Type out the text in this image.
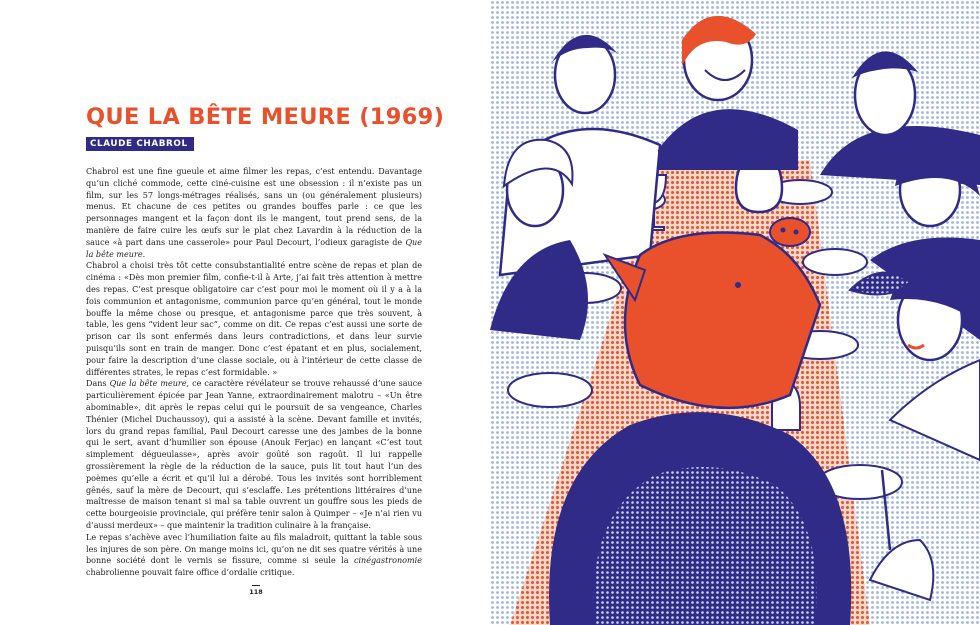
QUE LA BÊTE MEURE (1969)
CLAUDE CHABROL

Chabrol est une fine gueule et aime filmer les repas, c’est entendu. Davantage qu’un cliché commode, cette ciné-cuisine est une obsession : il n’existe pas un film, sur les 57 longs-métrages réalisés, sans un (ou généralement plusieurs) menus. Et chacune de ces petites ou grandes bouffes parle : ce que les personnages mangent et la façon dont ils le mangent, tout prend sens, de la manière de faire cuire les œufs sur le plat chez Lavardin à la réduction de la sauce «à part dans une casserole» pour Paul Decourt, l’odieux garagiste de Que la bête meure.

Chabrol a choisi très tôt cette consubstantialité entre scène de repas et plan de cinéma : «Dès mon premier film, confie-t-il à Arte, j’ai fait très attention à mettre des repas. C’est presque obligatoire car c’est pour moi le moment où il y a à la fois communion et antagonisme, communion parce qu’en général, tout le monde bouffe la même chose ou presque, et antagonisme parce que très souvent, à table, les gens “vident leur sac”, comme on dit. Ce repas c’est aussi une sorte de prison car ils sont enfermés dans leurs contradictions, et dans leur survie puisqu’ils sont en train de manger. Donc c’est épatant et en plus, socialement, pour faire la description d’une classe sociale, ou à l’intérieur de cette classe de différentes strates, le repas c’est formidable. »

Dans Que la bête meure, ce caractère révélateur se trouve rehaussé d’une sauce particulièrement épicée par Jean Yanne, extraordinairement malotru – «Un être abominable», dit après le repas celui qui le poursuit de sa vengeance, Charles Thénier (Michel Duchaussoy), qui a assisté à la scène. Devant famille et invités, lors du grand repas familial, Paul Decourt caresse une des jambes de la bonne qui le sert, avant d’humilier son épouse (Anouk Ferjac) en lançant «C’est tout simplement dégueulasse», après avoir goûté son ragoût. Il lui rappelle grossièrement la règle de la réduction de la sauce, puis lit tout haut l’un des poèmes qu’elle a écrit et qu’il lui a dérobé. Tous les invités sont horriblement gênés, sauf la mère de Decourt, qui s’esclaffe. Les prétentions littéraires d’une maîtresse de maison tenant si mal sa table ouvrent un gouffre sous les pieds de cette bourgeoisie provinciale, qui préfère tenir salon à Quimper – «Je n’ai rien vu d’aussi merdeux» – que maintenir la tradition culinaire à la française.

Le repas s’achève avec l’humiliation faite au fils maladroit, quittant la table sous les injures de son père. On mange moins ici, qu’on ne dit ses quatre vérités à une bonne société dont le vernis se fissure, comme si seule la cinégastronomie chabrolienne pouvait faire office d’ordalie critique.

118
